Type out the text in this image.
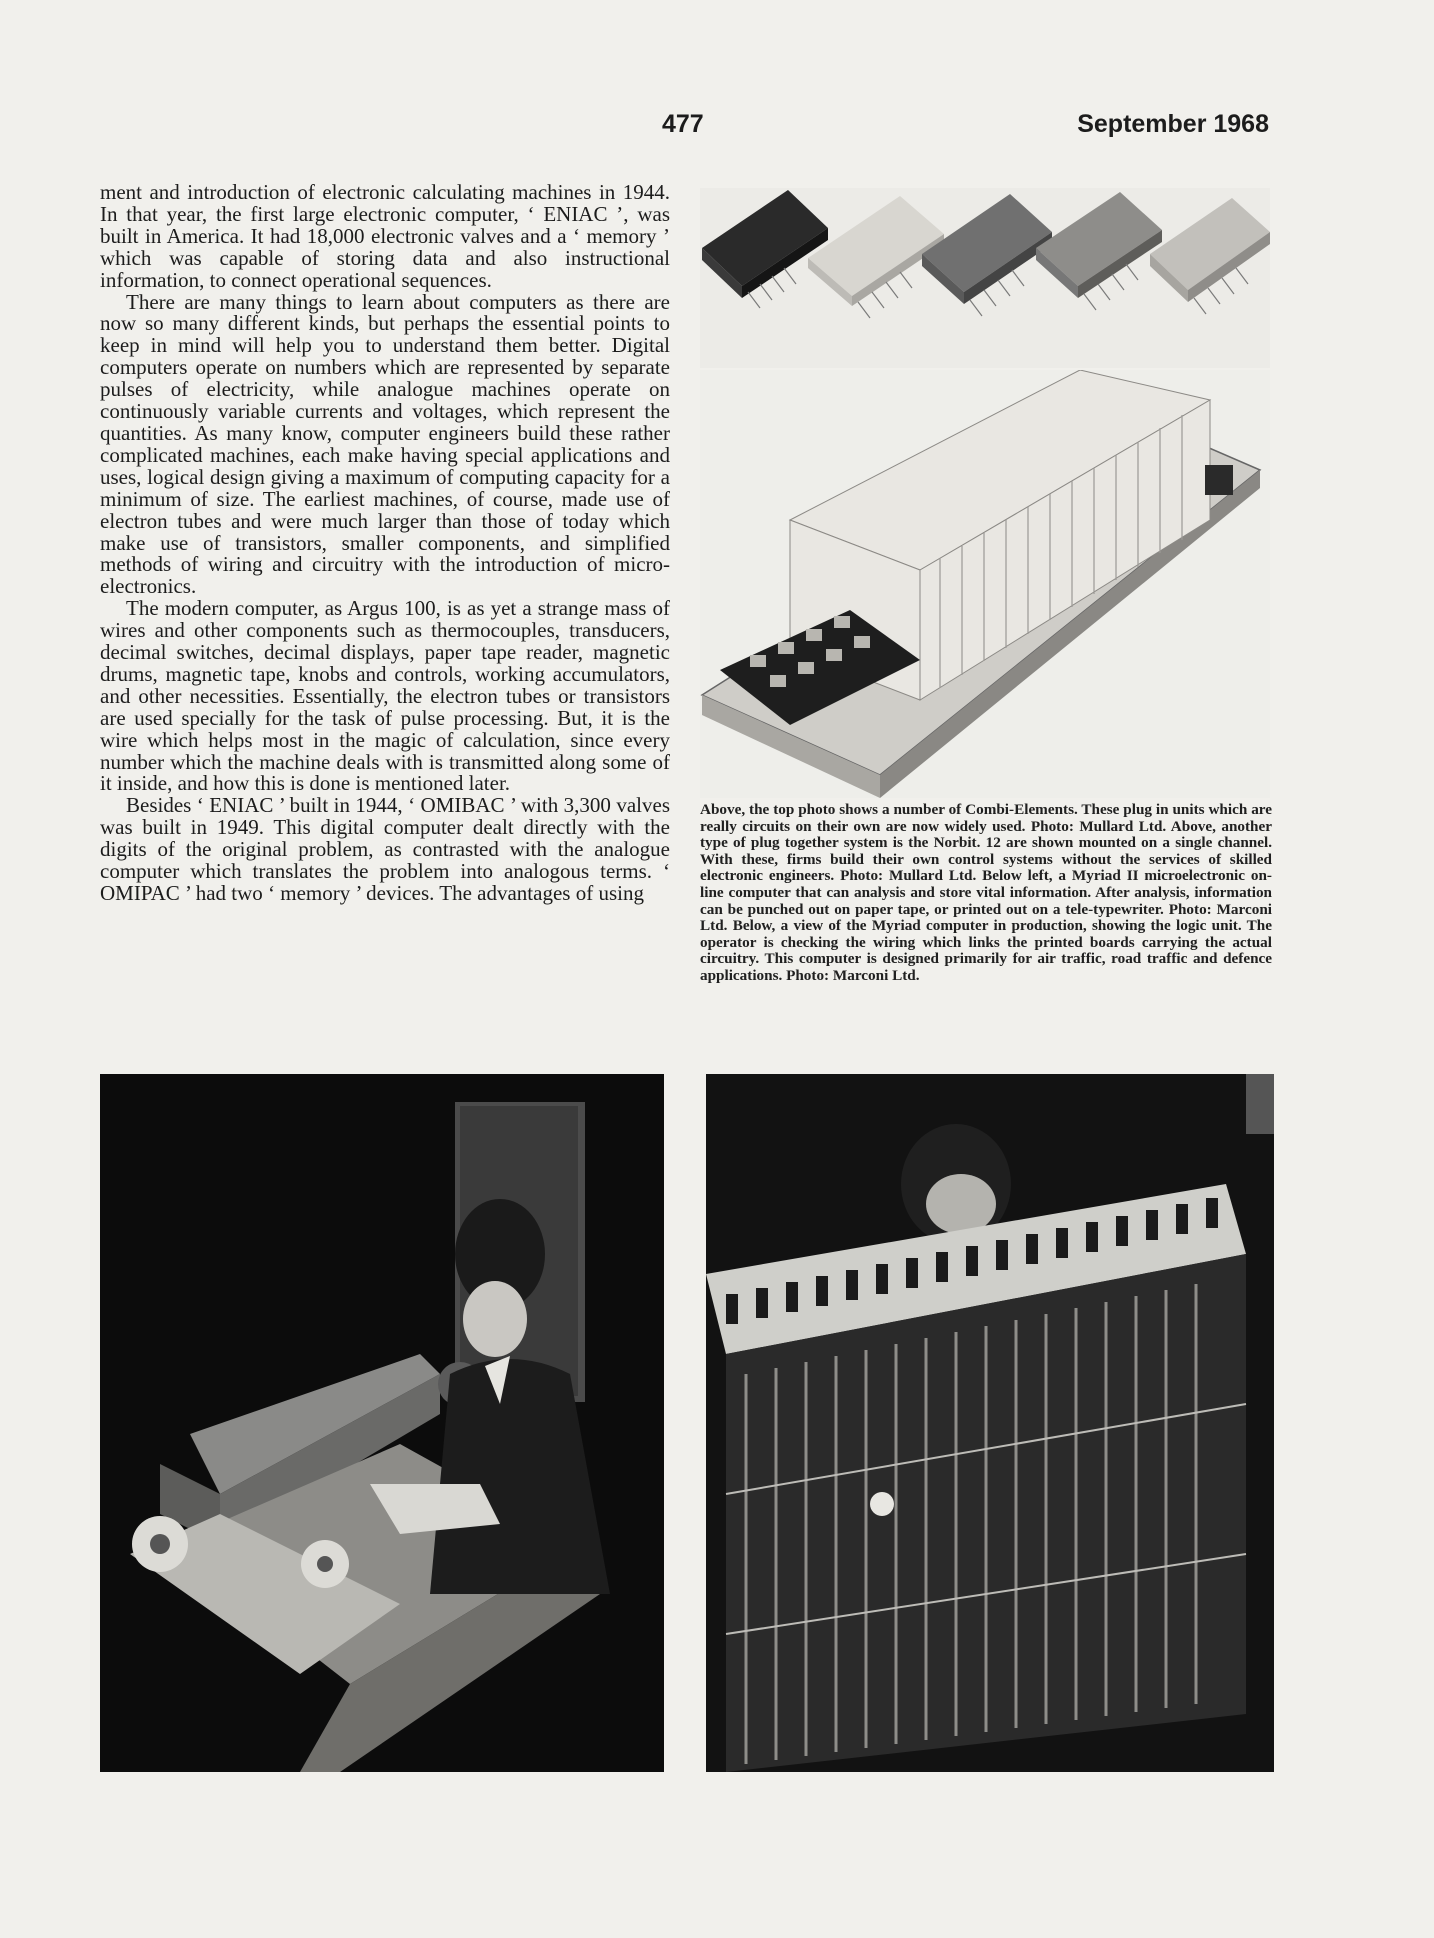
477	September 1968

ment and introduction of electronic calculating machines in 1944. In that year, the first large electronic computer, ‘ ENIAC ’, was built in America. It had 18,000 electronic valves and a ‘ memory ’ which was capable of storing data and also instructional information, to connect operational sequences.

There are many things to learn about computers as there are now so many different kinds, but perhaps the essential points to keep in mind will help you to understand them better. Digital computers operate on numbers which are represented by separate pulses of electricity, while analogue machines operate on continuously variable currents and voltages, which represent the quantities. As many know, computer engineers build these rather complicated machines, each make having special applications and uses, logical design giving a maximum of computing capacity for a minimum of size. The earliest machines, of course, made use of electron tubes and were much larger than those of today which make use of transistors, smaller components, and simplified methods of wiring and circuitry with the introduction of micro-electronics.

The modern computer, as Argus 100, is as yet a strange mass of wires and other components such as thermocouples, transducers, decimal switches, decimal displays, paper tape reader, magnetic drums, magnetic tape, knobs and controls, working accumulators, and other necessities. Essentially, the electron tubes or transistors are used specially for the task of pulse processing. But, it is the wire which helps most in the magic of calculation, since every number which the machine deals with is transmitted along some of it inside, and how this is done is mentioned later.

Besides ‘ ENIAC ’ built in 1944, ‘ OMIBAC ’ with 3,300 valves was built in 1949. This digital computer dealt directly with the digits of the original problem, as contrasted with the analogue computer which translates the problem into analogous terms. ‘ OMIPAC ’ had two ‘ memory ’ devices. The advantages of using

Above, the top photo shows a number of Combi-Elements. These plug in units which are really circuits on their own are now widely used. Photo: Mullard Ltd. Above, another type of plug together system is the Norbit. 12 are shown mounted on a single channel. With these, firms build their own control systems without the services of skilled electronic engineers. Photo: Mullard Ltd. Below left, a Myriad II microelectronic on-line computer that can analysis and store vital information. After analysis, information can be punched out on paper tape, or printed out on a tele-typewriter. Photo: Marconi Ltd. Below, a view of the Myriad computer in production, showing the logic unit. The operator is checking the wiring which links the printed boards carrying the actual circuitry. This computer is designed primarily for air traffic, road traffic and defence applications. Photo: Marconi Ltd.
